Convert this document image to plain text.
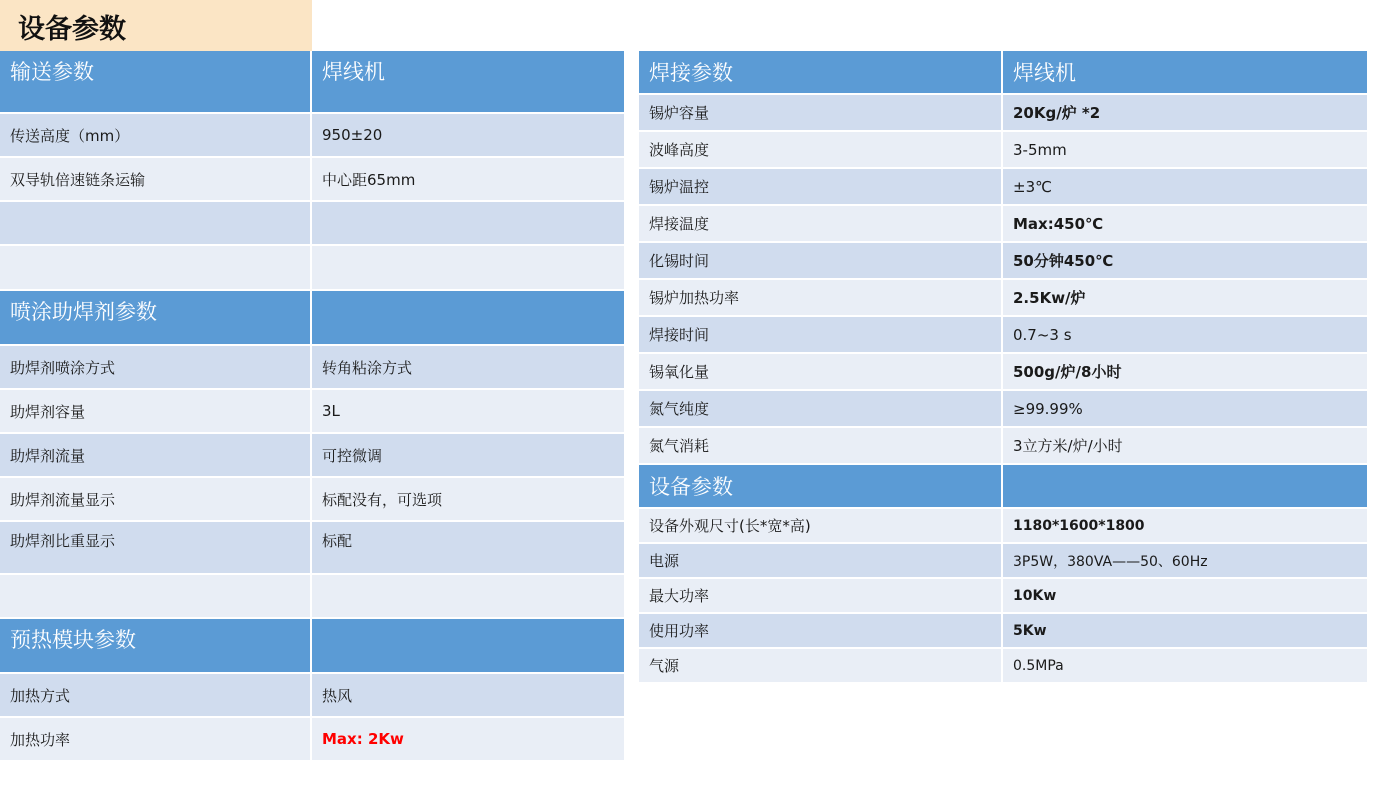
设备参数
输送参数	焊线机
传送高度（mm）	950±20
双导轨倍速链条运输	中心距65mm

喷涂助焊剂参数	
助焊剂喷涂方式	转角粘涂方式
助焊剂容量	3L
助焊剂流量	可控微调
助焊剂流量显示	标配没有，可选项
助焊剂比重显示	标配

预热模块参数	
加热方式	热风
加热功率	Max: 2Kw
焊接参数	焊线机
锡炉容量	20Kg/炉 *2
波峰高度	3-5mm
锡炉温控	±3℃
焊接温度	Max:450℃
化锡时间	50分钟450℃
锡炉加热功率	2.5Kw/炉
焊接时间	0.7~3 s
锡氧化量	500g/炉/8小时
氮气纯度	≥99.99%
氮气消耗	3立方米/炉/小时
设备参数	
设备外观尺寸(长*宽*高)	1180*1600*1800
电源	3P5W，380VA——50、60Hz
最大功率	10Kw
使用功率	5Kw
气源	0.5MPa
